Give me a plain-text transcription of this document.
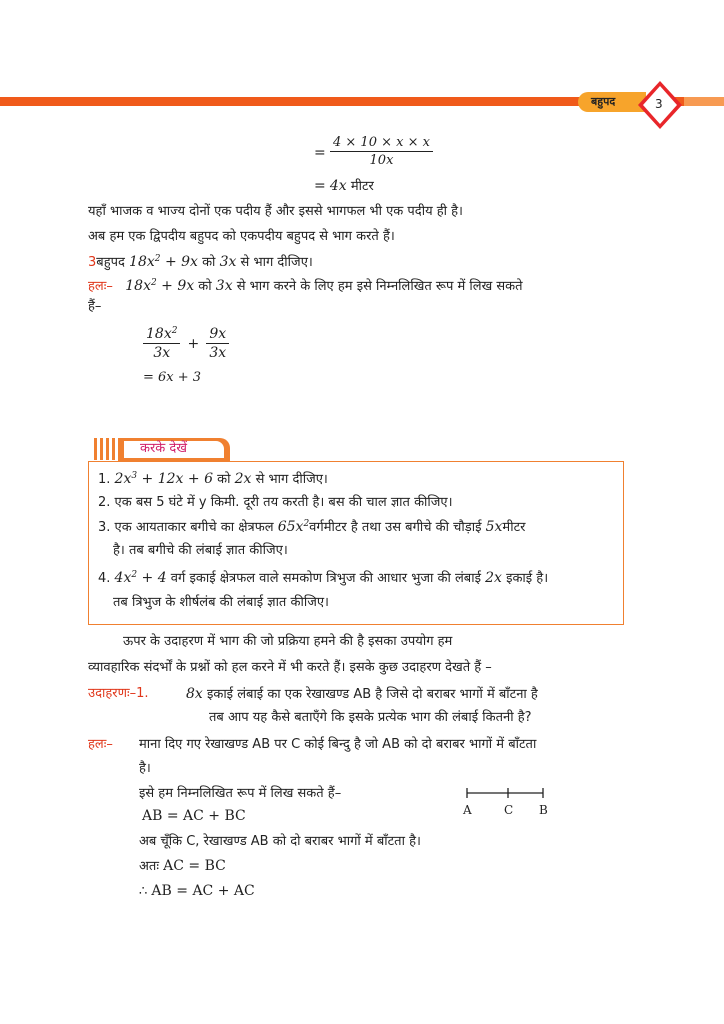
बहुपद	3
= $\frac{4 \times 10 \times x \times x}{10x}$
= 4x मीटर
यहाँ भाजक व भाज्य दोनों एक पदीय हैं और इससे भागफल भी एक पदीय ही है।
अब हम एक द्विपदीय बहुपद को एकपदीय बहुपद से भाग करते हैं।
3बहुपद $18x^2 + 9x$ को 3x से भाग दीजिए।
हलः– $18x^2 + 9x$ को 3x से भाग करने के लिए हम इसे निम्नलिखित रूप में लिख सकते
हैं–
$\frac{18x^2}{3x} + \frac{9x}{3x}$
= 6x + 3
करके देखें
1. $2x^3 + 12x + 6$ को 2x से भाग दीजिए।
2. एक बस 5 घंटे में y किमी. दूरी तय करती है। बस की चाल ज्ञात कीजिए।
3. एक आयताकार बगीचे का क्षेत्रफल $65x^2वर्गमीटर$ है तथा उस बगीचे की चौड़ाई 5xमीटर
है। तब बगीचे की लंबाई ज्ञात कीजिए।
4. $4x^2 + 4$ वर्ग इकाई क्षेत्रफल वाले समकोण त्रिभुज की आधार भुजा की लंबाई 2x इकाई है।
तब त्रिभुज के शीर्षलंब की लंबाई ज्ञात कीजिए।
ऊपर के उदाहरण में भाग की जो प्रक्रिया हमने की है इसका उपयोग हम
व्यावहारिक संदर्भों के प्रश्नों को हल करने में भी करते हैं। इसके कुछ उदाहरण देखते हैं –
उदाहरणः–1.	8x इकाई लंबाई का एक रेखाखण्ड AB है जिसे दो बराबर भागों में बाँटना है
तब आप यह कैसे बताएँगे कि इसके प्रत्येक भाग की लंबाई कितनी है?
हलः– माना दिए गए रेखाखण्ड AB पर C कोई बिन्दु है जो AB को दो बराबर भागों में बाँटता
है।
इसे हम निम्नलिखित रूप में लिख सकते हैं–
AB = AC + BC
अब चूँकि C, रेखाखण्ड AB को दो बराबर भागों में बाँटता है।
अतः AC = BC
∴ AB = AC + AC
A	C B
